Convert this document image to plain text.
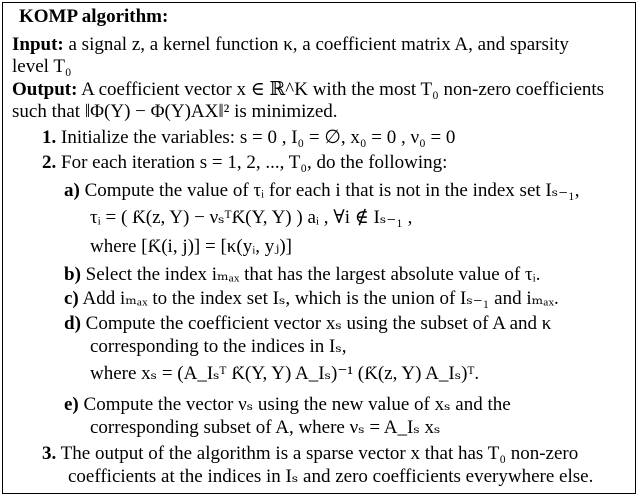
KOMP algorithm:
Input: a signal z, a kernel function κ, a coefficient matrix A, and sparsity
level T₀
Output: A coefficient vector x ∈ ℝ^K with the most T₀ non-zero coefficients
such that ‖Φ(Y) − Φ(Y)AX‖² is minimized.
1. Initialize the variables: s = 0 , I₀ = ∅, x₀ = 0 , ν₀ = 0
2. For each iteration s = 1, 2, ..., T₀, do the following:
a) Compute the value of τᵢ for each i that is not in the index set Iₛ₋₁,
τᵢ = ( Ƙ(z, Y) − νₛᵀƘ(Y, Y) ) aᵢ , ∀i ∉ Iₛ₋₁ ,
where [Ƙ(i, j)] = [κ(yᵢ, yⱼ)]
b) Select the index iₘₐₓ that has the largest absolute value of τᵢ.
c) Add iₘₐₓ to the index set Iₛ, which is the union of Iₛ₋₁ and iₘₐₓ.
d) Compute the coefficient vector xₛ using the subset of A and κ
corresponding to the indices in Iₛ,
where xₛ = (A_Iₛᵀ Ƙ(Y, Y) A_Iₛ)⁻¹ (Ƙ(z, Y) A_Iₛ)ᵀ.
e) Compute the vector νₛ using the new value of xₛ and the
corresponding subset of A, where νₛ = A_Iₛ xₛ
3. The output of the algorithm is a sparse vector x that has T₀ non-zero
coefficients at the indices in Iₛ and zero coefficients everywhere else.
